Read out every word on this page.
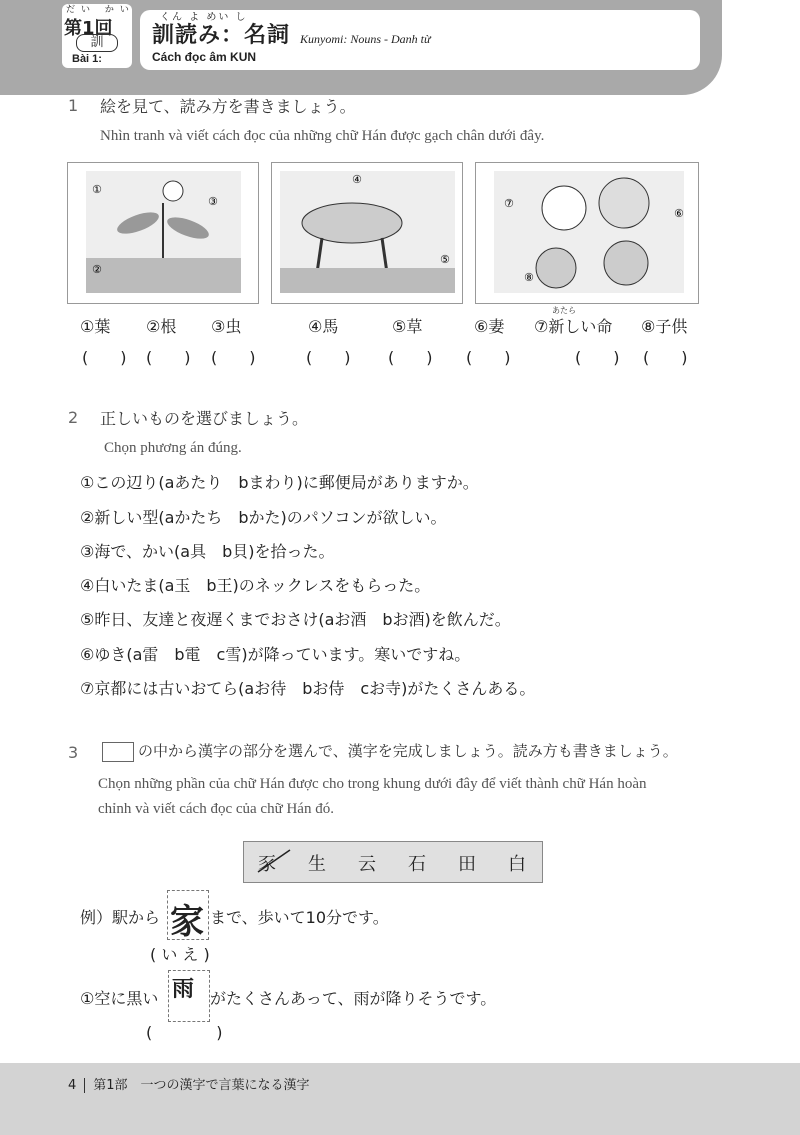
だい かい
第1回
訓
Bài 1:
くん よ めい し
訓読み：名詞
Cách đọc âm KUN
Kunyomi: Nouns - Danh từ
1 絵を見て、読み方を書きましょう。
Nhìn tranh và viết cách đọc của những chữ Hán được gạch chân dưới đây.
①
②
③
④
⑤
⑦
⑥
⑧
①葉 ②根 ③虫	④馬	⑤草	⑥妻
あたら
⑦新しい命 ⑧子供
(　　) (　　) (　　)	(　　) (　　) (　　)	(　　) (　　)
2 正しいものを選びましょう。
Chọn phương án đúng.
①この辺り(aあたり　bまわり)に郵便局がありますか。
②新しい型(aかたち　bかた)のパソコンが欲しい。
③海で、かい(a具　b貝)を拾った。
④白いたま(a玉　b王)のネックレスをもらった。
⑤昨日、友達と夜遅くまでおさけ(aお酒　bお酒)を飲んだ。
⑥ゆき(a雷　b電　c雪)が降っています。寒いですね。
⑦京都には古いおてら(aお待　bお侍　cお寺)がたくさんある。
3	の中から漢字の部分を選んで、漢字を完成しましょう。読み方も書きましょう。
Chọn những phần của chữ Hán được cho trong khung dưới đây để viết thành chữ Hán hoàn
chỉnh và viết cách đọc của chữ Hán đó.
豕 生 云 石 田 白
例）駅から 家 まで、歩いて10分です。
( い え )
①空に黒い 雨 がたくさんあって、雨が降りそうです。
(　　　　)
4 第1部　一つの漢字で言葉になる漢字
